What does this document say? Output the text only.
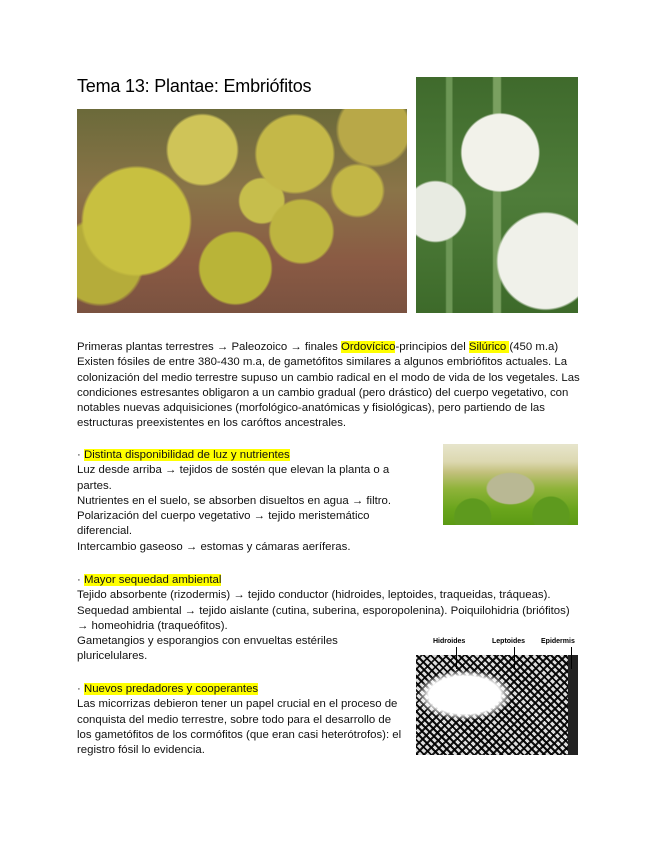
Tema 13: Plantae: Embriófitos

Primeras plantas terrestres → Paleozoico → finales Ordovícico-principios del Silúrico (450 m.a)

Existen fósiles de entre 380-430 m.a, de gametófitos similares a algunos embriófitos actuales. La colonización del medio terrestre supuso un cambio radical en el modo de vida de los vegetales. Las condiciones estresantes obligaron a un cambio gradual (pero drástico) del cuerpo vegetativo, con notables nuevas adquisiciones (morfológico-anatómicas y fisiológicas), pero partiendo de las estructuras preexistentes en los caróftos ancestrales.

· Distinta disponibilidad de luz y nutrientes

Luz desde arriba → tejidos de sostén que elevan la planta o a partes.

Nutrientes en el suelo, se absorben disueltos en agua → filtro.

Polarización del cuerpo vegetativo → tejido meristemático diferencial.

Intercambio gaseoso → estomas y cámaras aeríferas.

· Mayor sequedad ambiental

Tejido absorbente (rizodermis) → tejido conductor (hidroides, leptoides, traqueidas, tráqueas).

Sequedad ambiental → tejido aislante (cutina, suberina, esporopolenina). Poiquilohidria (briófitos) → homeohidria (traqueófitos).

Gametangios y esporangios con envueltas estériles pluricelulares.

Hidroides	Leptoides Epidermis

· Nuevos predadores y cooperantes

Las micorrizas debieron tener un papel crucial en el proceso de conquista del medio terrestre, sobre todo para el desarrollo de los gametófitos de los cormófitos (que eran casi heterótrofos): el registro fósil lo evidencia.
